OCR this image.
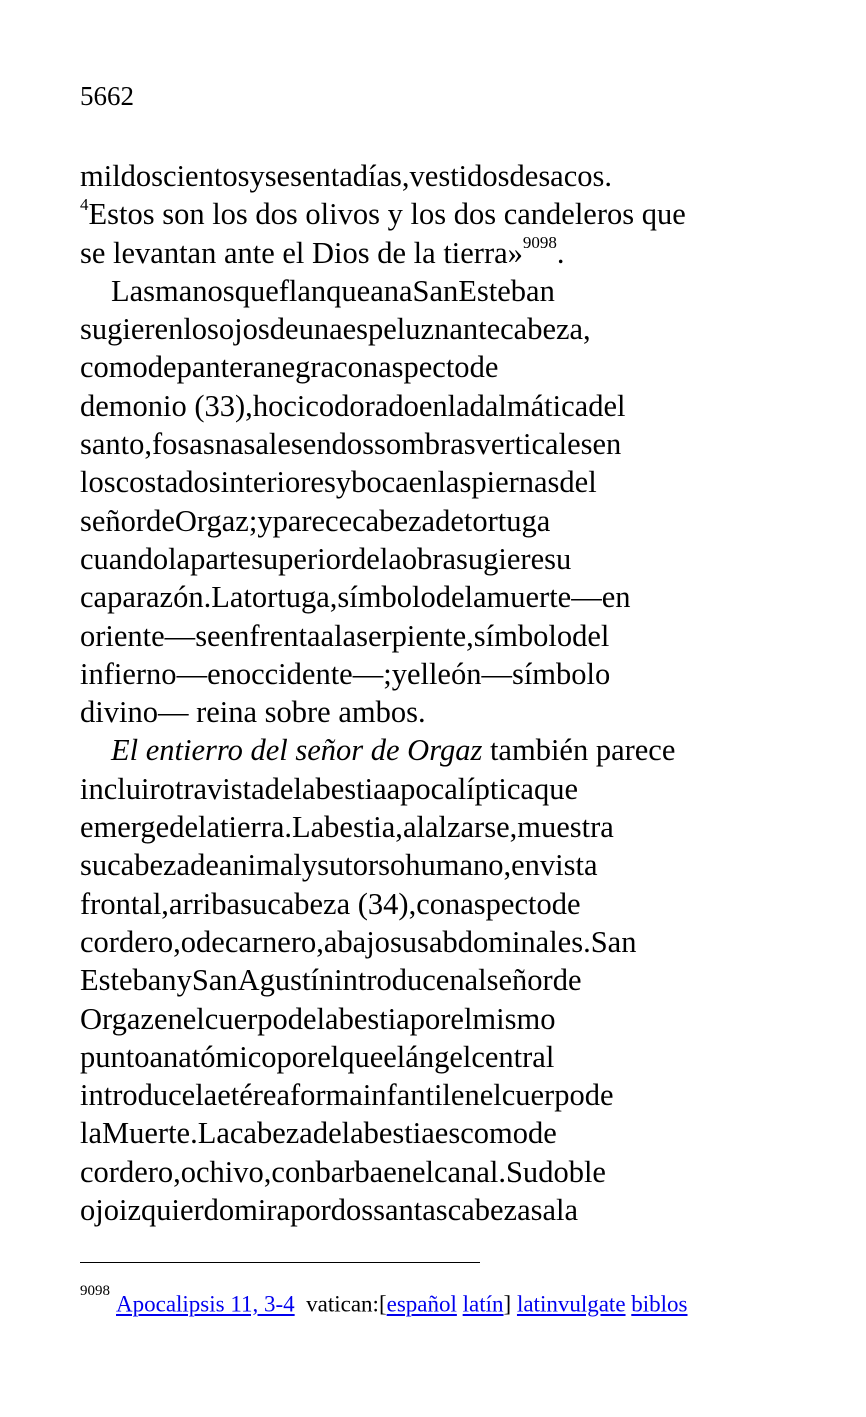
5662
mildoscientosysesentadías,vestidosdesacos.
$^4$Estos son los dos olivos y los dos candeleros que
se levantan ante el Dios de la tierra»$^{9098}$.
LasmanosqueflanqueanaSanEsteban
sugierenlosojosdeunaespeluznantecabeza,
comodepanteranegraconaspectode
demonio (33),hocicodoradoenladalmáticadel
santo,fosasnasalesendossombrasverticalesen
loscostadosinterioresybocaenlaspiernasdel
señordeOrgaz;yparececabezadetortuga
cuandolapartesuperiordelaobrasugieresu
caparazón.Latortuga,símbolodelamuerte—en
oriente—seenfrentaalaserpiente,símbolodel
infierno—enoccidente—;yelleón—símbolo
divino— reina sobre ambos.
El entierro del señor de Orgaz también parece
incluirotravistadelabestiaapocalípticaque
emergedelatierra.Labestia,alalzarse,muestra
sucabezadeanimalysutorsohumano,envista
frontal,arribasucabeza (34),conaspectode
cordero,odecarnero,abajosusabdominales.San
EstebanySanAgustínintroducenalseñorde
Orgazenelcuerpodelabestiaporelmismo
puntoanatómicoporelqueelángelcentral
introducelaetéreaformainfantilenelcuerpode
laMuerte.Lacabezadelabestiaescomode
cordero,ochivo,conbarbaenelcanal.Sudoble
ojoizquierdomirapordossantascabezasala
$^{9098}$Apocalipsis 11, 3-4 vatican:[español latín] latinvulgate biblos
